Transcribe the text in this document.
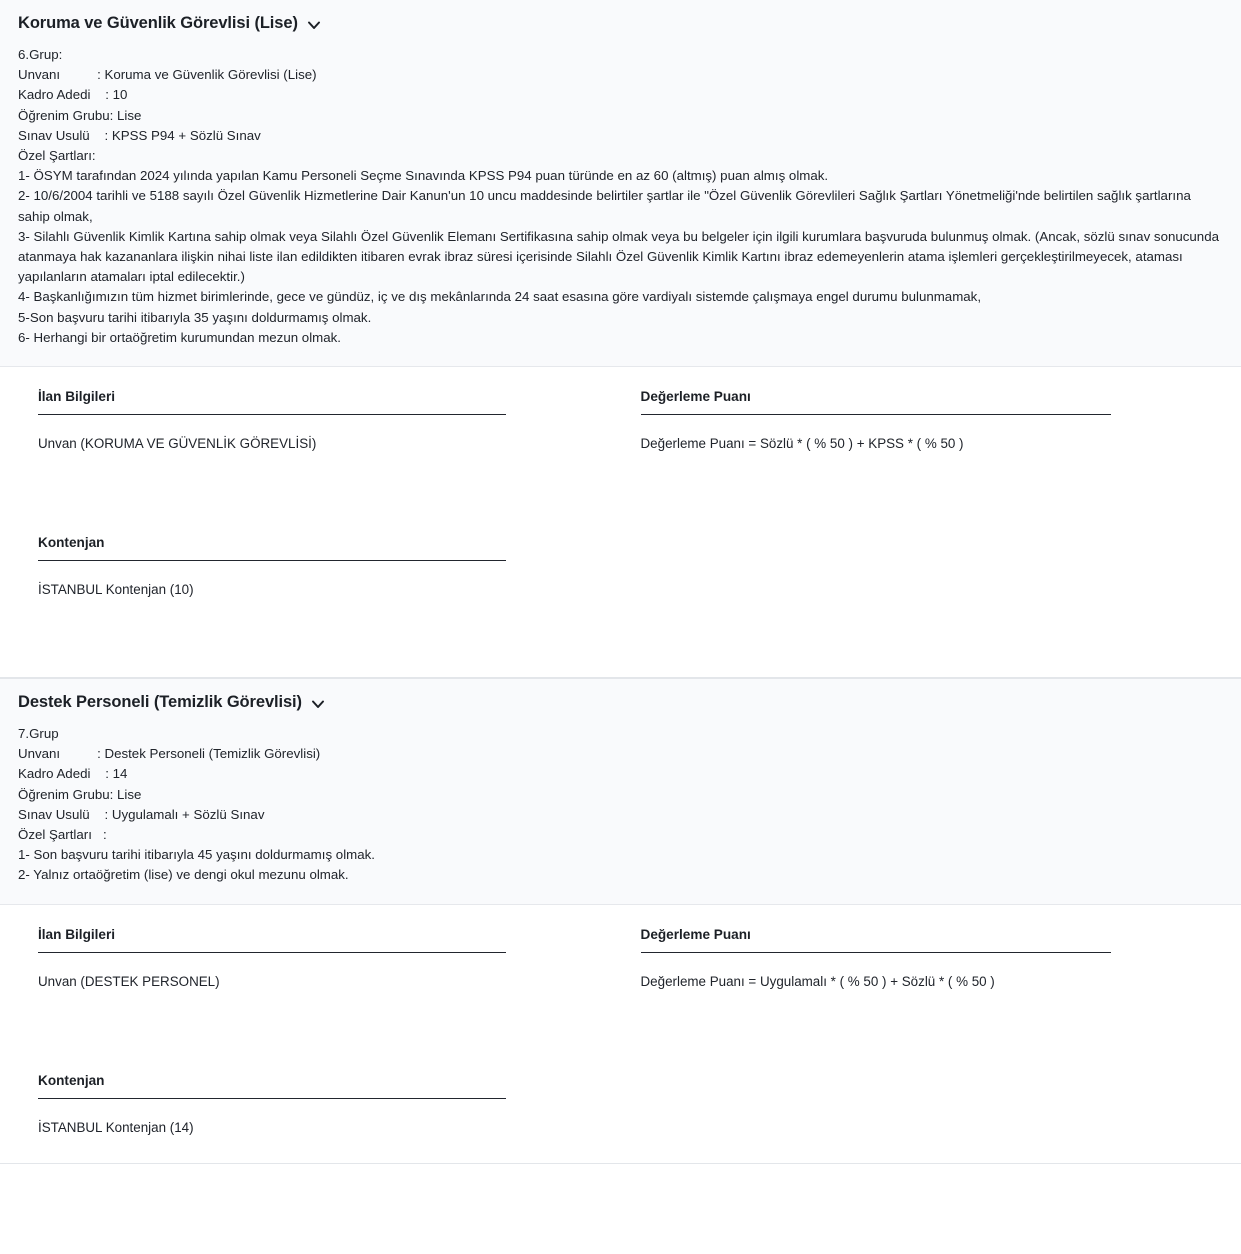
Koruma ve Güvenlik Görevlisi (Lise)
6.Grup:
Unvanı          : Koruma ve Güvenlik Görevlisi (Lise)
Kadro Adedi    : 10
Öğrenim Grubu: Lise
Sınav Usulü    : KPSS P94 + Sözlü Sınav
Özel Şartları:
1- ÖSYM tarafından 2024 yılında yapılan Kamu Personeli Seçme Sınavında KPSS P94 puan türünde en az 60 (altmış) puan almış olmak.
2- 10/6/2004 tarihli ve 5188 sayılı Özel Güvenlik Hizmetlerine Dair Kanun'un 10 uncu maddesinde belirtiler şartlar ile "Özel Güvenlik Görevlileri Sağlık Şartları Yönetmeliği'nde belirtilen sağlık şartlarına sahip olmak,
3- Silahlı Güvenlik Kimlik Kartına sahip olmak veya Silahlı Özel Güvenlik Elemanı Sertifikasına sahip olmak veya bu belgeler için ilgili kurumlara başvuruda bulunmuş olmak. (Ancak, sözlü sınav sonucunda atanmaya hak kazananlara ilişkin nihai liste ilan edildikten itibaren evrak ibraz süresi içerisinde Silahlı Özel Güvenlik Kimlik Kartını ibraz edemeyenlerin atama işlemleri gerçekleştirilmeyecek, ataması yapılanların atamaları iptal edilecektir.)
4- Başkanlığımızın tüm hizmet birimlerinde, gece ve gündüz, iç ve dış mekânlarında 24 saat esasına göre vardiyalı sistemde çalışmaya engel durumu bulunmamak,
5-Son başvuru tarihi itibarıyla 35 yaşını doldurmamış olmak.
6- Herhangi bir ortaöğretim kurumundan mezun olmak.
İlan Bilgileri
Unvan (KORUMA VE GÜVENLİK GÖREVLİSİ)
Değerleme Puanı
Değerleme Puanı = Sözlü * ( % 50 ) + KPSS * ( % 50 )
Kontenjan
İSTANBUL Kontenjan (10)
Destek Personeli (Temizlik Görevlisi)
7.Grup
Unvanı          : Destek Personeli (Temizlik Görevlisi)
Kadro Adedi    : 14
Öğrenim Grubu: Lise
Sınav Usulü    : Uygulamalı + Sözlü Sınav
Özel Şartları   :
1- Son başvuru tarihi itibarıyla 45 yaşını doldurmamış olmak.
2- Yalnız ortaöğretim (lise) ve dengi okul mezunu olmak.
İlan Bilgileri
Unvan (DESTEK PERSONEL)
Değerleme Puanı
Değerleme Puanı = Uygulamalı * ( % 50 ) + Sözlü * ( % 50 )
Kontenjan
İSTANBUL Kontenjan (14)
